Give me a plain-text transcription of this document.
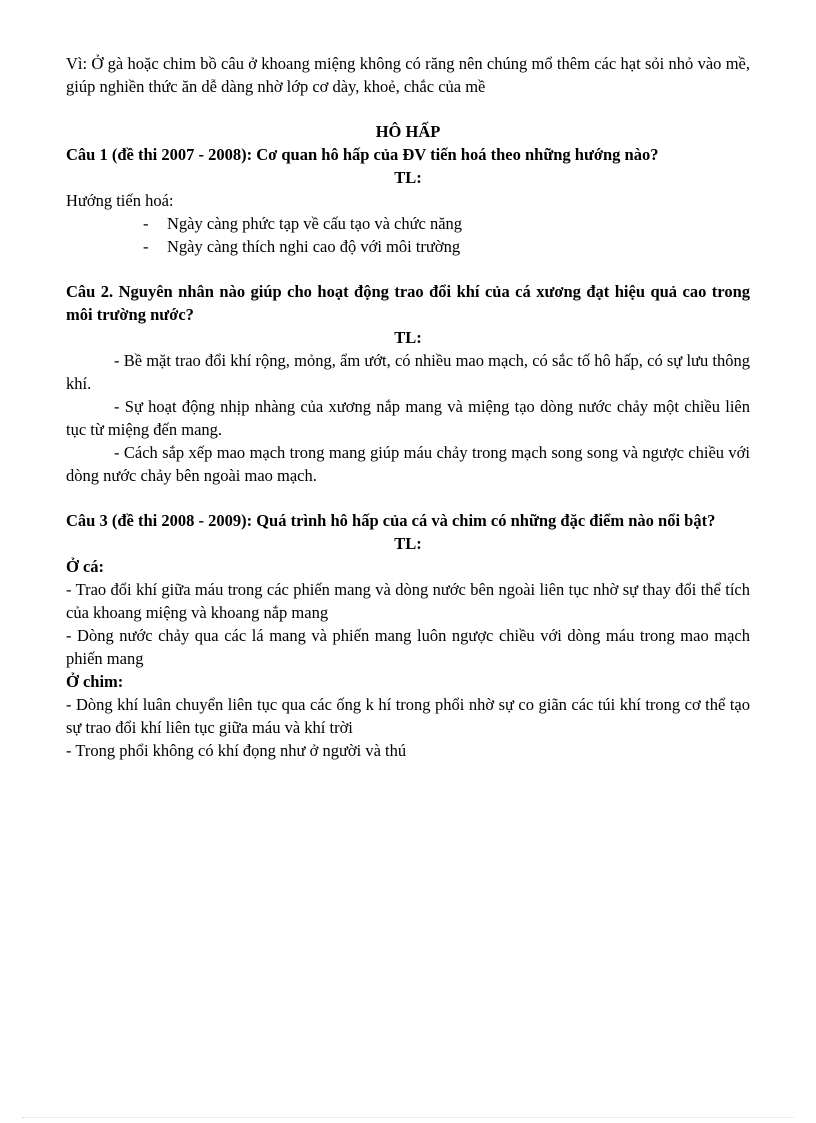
Vì: Ở gà hoặc chim bồ câu ở khoang miệng không có răng nên chúng mổ thêm các hạt sỏi nhỏ vào mề, giúp nghiền thức ăn dễ dàng nhờ lớp cơ dày, khoẻ, chắc của mề

HÔ HẤP

Câu 1 (đề thi 2007 - 2008): Cơ quan hô hấp của ĐV tiến hoá theo những hướng nào?

TL:

Hướng tiến hoá:

- Ngày càng phức tạp về cấu tạo và chức năng
- Ngày càng thích nghi cao độ với môi trường

Câu 2. Nguyên nhân nào giúp cho hoạt động trao đổi khí của cá xương đạt hiệu quả cao trong môi trường nước?

TL:

- Bề mặt trao đổi khí rộng, mỏng, ẩm ướt, có nhiều mao mạch, có sắc tố hô hấp, có sự lưu thông khí.

- Sự hoạt động nhịp nhàng của xương nắp mang và miệng tạo dòng nước chảy một chiều liên tục từ miệng đến mang.

- Cách sắp xếp mao mạch trong mang giúp máu chảy trong mạch song song và ngược chiều với dòng nước chảy bên ngoài mao mạch.

Câu 3 (đề thi 2008 - 2009): Quá trình hô hấp của cá và chim có những đặc điểm nào nổi bật?

TL:

Ở cá:

- Trao đổi khí giữa máu trong các phiến mang và dòng nước bên ngoài liên tục nhờ sự thay đổi thể tích của khoang miệng và khoang nắp mang

- Dòng nước chảy qua các lá mang và phiến mang luôn ngược chiều với dòng máu trong mao mạch phiến mang

Ở chim:

- Dòng khí luân chuyển liên tục qua các ống k hí trong phổi nhờ sự co giãn các túi khí trong cơ thể tạo sự trao đổi khí liên tục giữa máu và khí trời

- Trong phổi không có khí đọng như ở người và thú
